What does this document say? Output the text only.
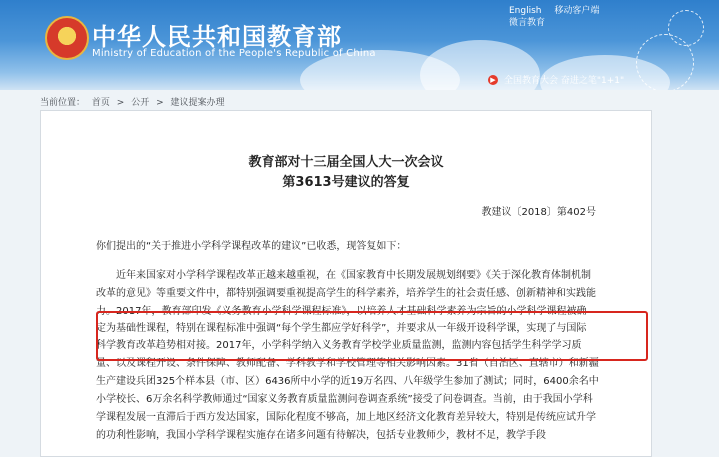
★ 中华人民共和国教育部
Ministry of Education of the People's Republic of China
English 移动客户端
微言教育
▶ 全国教育大会 奋进之笔"1+1"
当前位置： 首页 > 公开 > 建议提案办理
教育部对十三届全国人大一次会议
第3613号建议的答复
教建议〔2018〕第402号
你们提出的“关于推进小学科学课程改革的建议”已收悉，现答复如下：
近年来国家对小学科学课程改革正越来越重视，在《国家教育中长期发展规划纲要》《关于深化教育体制机制
改革的意见》等重要文件中，都特别强调要重视提高学生的科学素养，培养学生的社会责任感、创新精神和实践能
力。2017年，教育部印发《义务教育小学科学课程标准》，以培养人才基础科学素养为宗旨的小学科学课程被确
定为基础性课程，特别在课程标准中强调“每个学生都应学好科学”，并要求从一年级开设科学课，实现了与国际
科学教育改革趋势相对接。2017年，小学科学纳入义务教育学校学业质量监测，监测内容包括学生科学学习质
量、以及课程开设、条件保障、教师配备、学科教学和学校管理等相关影响因素。31省（自治区、直辖市）和新疆
生产建设兵团325个样本县（市、区）6436所中小学的近19万名四、八年级学生参加了测试；同时，6400余名中
小学校长、6万余名科学教师通过“国家义务教育质量监测问卷调查系统”接受了问卷调查。当前，由于我国小学科
学课程发展一直滞后于西方发达国家，国际化程度不够高，加上地区经济文化教育差异较大，特别是传统应试升学
的功利性影响，我国小学科学课程实施存在诸多问题有待解决，包括专业教师少，教材不足，教学手段
